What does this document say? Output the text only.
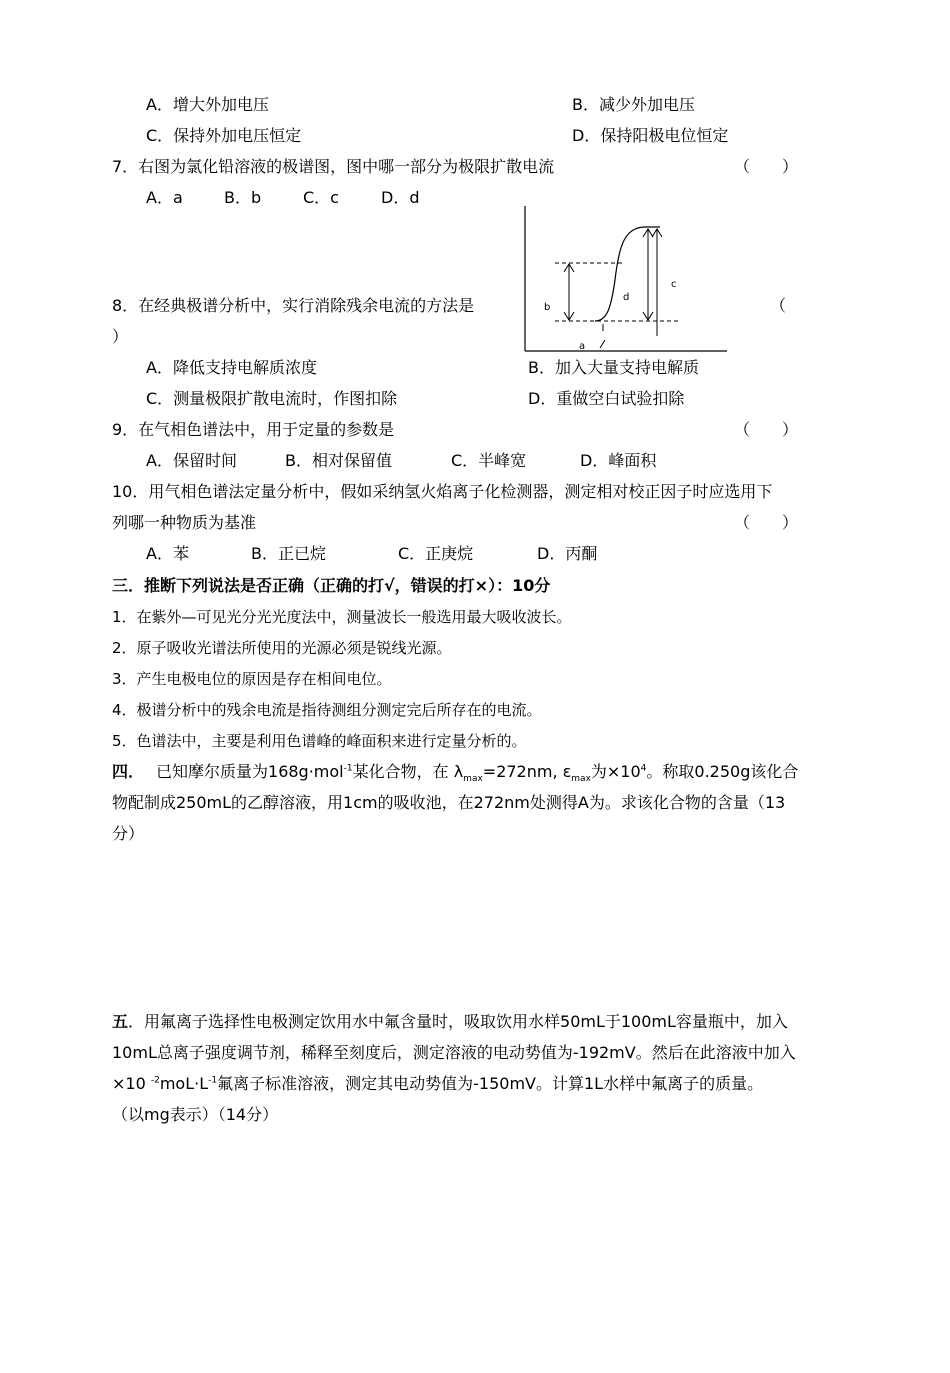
A．增大外加电压	B．减少外加电压
C．保持外加电压恒定	D．保持阳极电位恒定
7．右图为氯化铅溶液的极谱图，图中哪一部分为极限扩散电流	（　　）
A．a	B．b	C．c	D．d
b
d
c
a
8．在经典极谱分析中，实行消除残余电流的方法是	（
）
A．降低支持电解质浓度	B．加入大量支持电解质
C．测量极限扩散电流时，作图扣除	D．重做空白试验扣除
9．在气相色谱法中，用于定量的参数是	（　　）
A．保留时间	B．相对保留值	C．半峰宽	D．峰面积
10．用气相色谱法定量分析中，假如采纳氢火焰离子化检测器，测定相对校正因子时应选用下
列哪一种物质为基准	（　　）
A．苯	B．正已烷	C．正庚烷	D．丙酮
三．推断下列说法是否正确（正确的打√，错误的打×）：10分
1．在紫外—可见光分光光度法中，测量波长一般选用最大吸收波长。
2．原子吸收光谱法所使用的光源必须是锐线光源。
3．产生电极电位的原因是存在相间电位。
4．极谱分析中的残余电流是指待测组分测定完后所存在的电流。
5．色谱法中，主要是利用色谱峰的峰面积来进行定量分析的。
四． 已知摩尔质量为168g·mol$^{-1}$某化合物，在 $\lambda_{max}=272nm$, $\varepsilon_{max}$为$\times 10^4$。称取0.250g该化合
物配制成250mL的乙醇溶液，用1cm的吸收池，在272nm处测得A为。求该化合物的含量（13
分）
五．用氟离子选择性电极测定饮用水中氟含量时，吸取饮用水样50mL于100mL容量瓶中，加入
10mL总离子强度调节剂，稀释至刻度后，测定溶液的电动势值为-192mV。然后在此溶液中加入
×10 $^{-2}moL\cdot L^{-1}$氟离子标准溶液，测定其电动势值为-150mV。计算1L水样中氟离子的质量。
（以mg表示）（14分）
